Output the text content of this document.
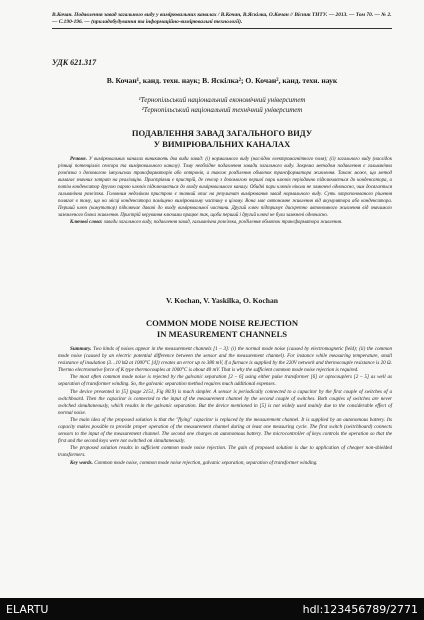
В.Кочан. Подавлення завад загального виду у вимірювальних каналах / В.Кочан, В.Яскілка, О.Кочан // Вісник ТНТУ. — 2013. — Том 70. — № 2. — С.190-196. — (приладобудування та інформаційно-вимірювальні технології).
УДК 621.317
В. Кочан¹, канд. техн. наук; В. Яскілка²; О. Кочан², канд. техн. наук
¹Тернопільський національний економічний університет
²Тернопільський національний технічний університет
ПОДАВЛЕННЯ ЗАВАД ЗАГАЛЬНОГО ВИДУ
У ВИМІРЮВАЛЬНИХ КАНАЛАХ

Резюме. У вимірювальних каналах виникають два види завад: (і) нормального виду (наслідок електромагнітного поля); (іі) загального виду (наслідок різниці потенціалів сенсора та вимірювального каналу). Тому необхідне подавлення завади загального виду. Зокрема методом подавлення є гальванічна розв'язка з допомогою імпульсних трансформаторів або оптронів, а також розділення обмоток трансформатора живлення. Також може, що метод вимагає значних затрат на реалізацію. Пристріями є пристрій, де сенсор з допомогою першої пари ключів періодично підключається до конденсатора, а потім конденсатор другою парою ключів підключається до входу вимірювального каналу. Обидві пари ключів ніколи не замкнені одночасно, чим досягається гальванічна розв'язка. Головним недоліком пристрою є значний опис на результат вимірювання завад нормального виду. Суть запропонованого рішення полягає в тому, що на місці конденсатора поміщено вимірювальну частину в цілому. Вона має автономне живлення від акумулятора або конденсатора. Перший ключ (комутатор) підключає давачі до входу вимірювальної частини. Другий ключ підтримує дискретно автономного живлення від значимого заземленого блока живлення. Пристрій керування ключами працює так, щоби перший і другий ключі не були замкнені одночасно.

Ключові слова: завади загального виду, подавлення завад, гальванічна розв'язка, розділення обмоток трансформатора живлення.

V. Kochan, V. Yaskilka, O. Kochan
COMMON MODE NOISE REJECTION
IN MEASUREMENT CHANNELS

Summary. Two kinds of noises appear in the measurement channels [1 – 3]: (i) the normal mode noise (caused by electromagnetic field); (ii) the common mode noise (caused by an electric potential difference between the sensor and the measurement channel). For instance while measuring temperature, small resistance of insulation (3…10 kΩ at 1000°C [4]) creates an error up to 380 mV, if a furnace is supplied by the 220V network and thermocouple resistance is 20 Ω. Thermo electromotive force of K type thermocouples at 1000°C is about 40 mV. That is why the sufficient common mode noise rejection is required.

The most often common mode noise is rejected by the galvanic separation [2 – 6] using either pulse transformer [6] or optocouplers [2 – 5] as well as separation of transformer winding. So, the galvanic separation method requires much additional expenses.

The device presented in [5] (page 2151, Fig 80.9) is much simpler. A sensor is periodically connected to a capacitor by the first couple of switches of a switchboard. Then the capacitor is connected to the input of the measurement channel by the second couple of switches. Both couples of switches are never switched simultaneously, which results in the galvanic separation. But the device mentioned in [5] is not widely used mainly due to the considerable effect of normal noise.

The main idea of the proposed solution is that the "flying" capacitor is replaced by the measurement channel. It is supplied by an autonomous battery. Its capacity makes possible to provide proper operation of the measurement channel during at least one measuring cycle. The first switch (switchboard) connects sensors to the input of the measurement channel. The second one charges an autonomous battery. The microcontroller of keys controls the operation so that the first and the second keys were not switched on simultaneously.

The proposed solution results in sufficient common mode noise rejection. The gain of proposed solution is due to application of cheaper non-shielded transformers.

Key words. Common mode noise, common mode noise rejection, galvanic separation, separation of transformer winding.

ELARTU	hdl:123456789/2771
